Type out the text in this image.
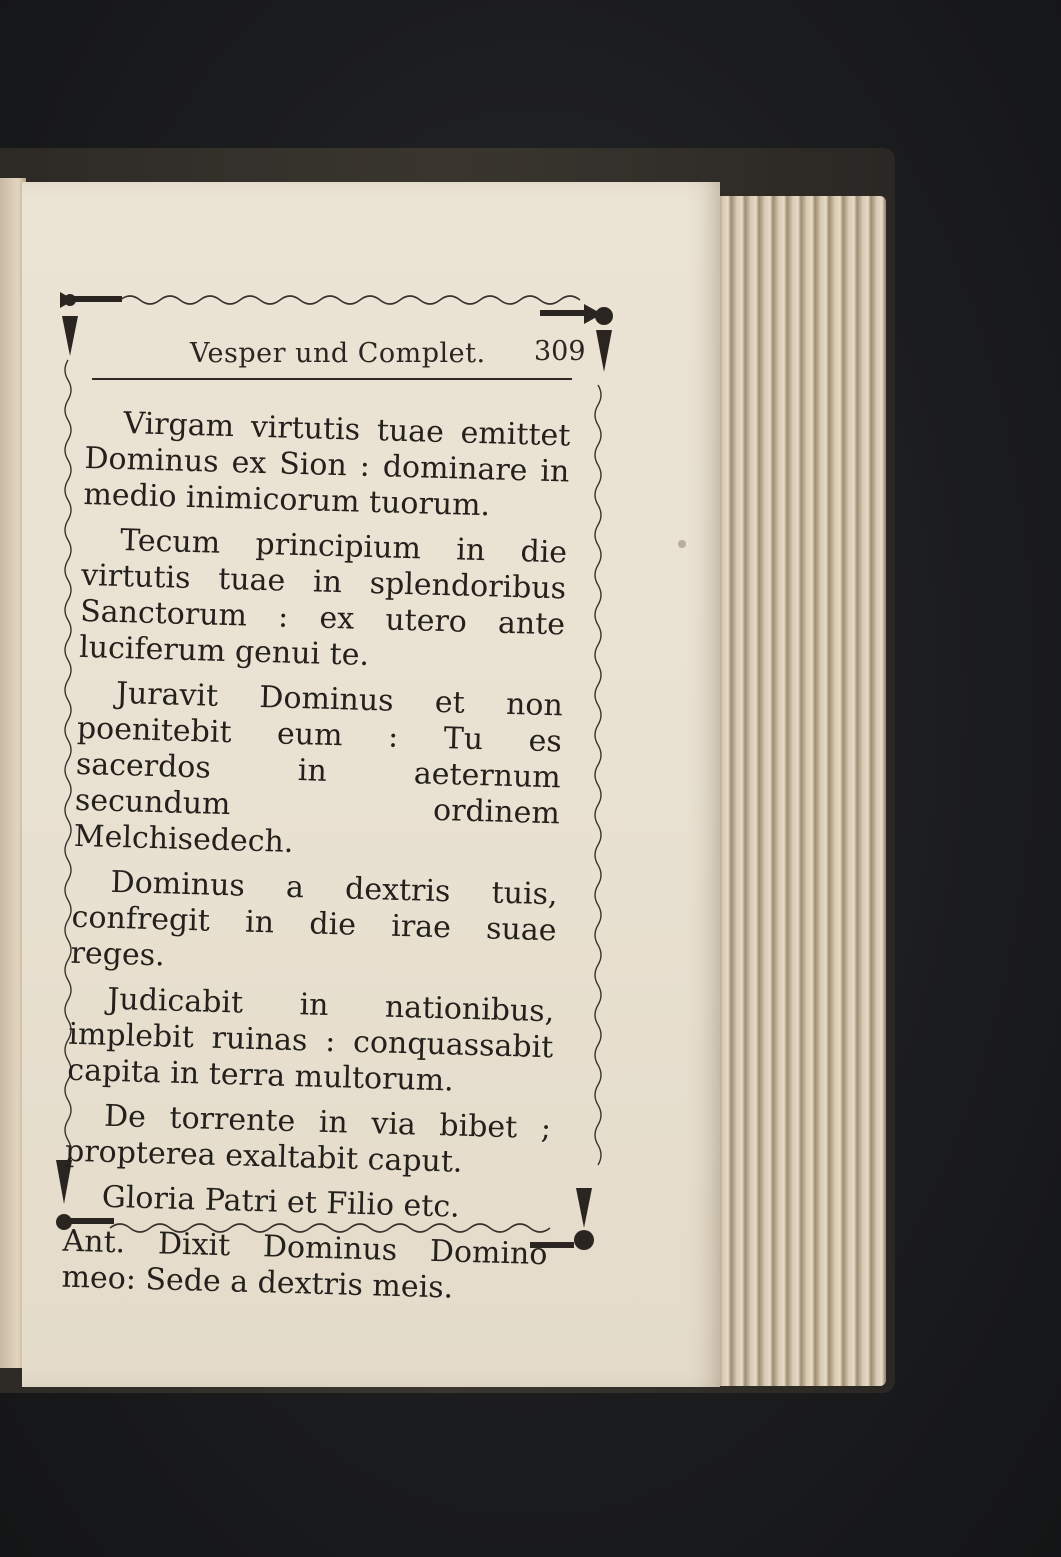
Vesper und Complet. 309

Virgam virtutis tuae emittet Dominus ex Sion : dominare in medio inimicorum tuorum.

Tecum principium in die virtutis tuae in splendoribus Sanctorum : ex utero ante luciferum genui te.

Juravit Dominus et non poenitebit eum : Tu es sacerdos in aeternum secundum ordinem Melchisedech.

Dominus a dextris tuis, confregit in die irae suae reges.

Judicabit in nationibus, implebit ruinas : conquassabit capita in terra multorum.

De torrente in via bibet ; propterea exaltabit caput.

Gloria Patri et Filio etc.

Ant. Dixit Dominus Domino meo: Sede a dextris meis.
